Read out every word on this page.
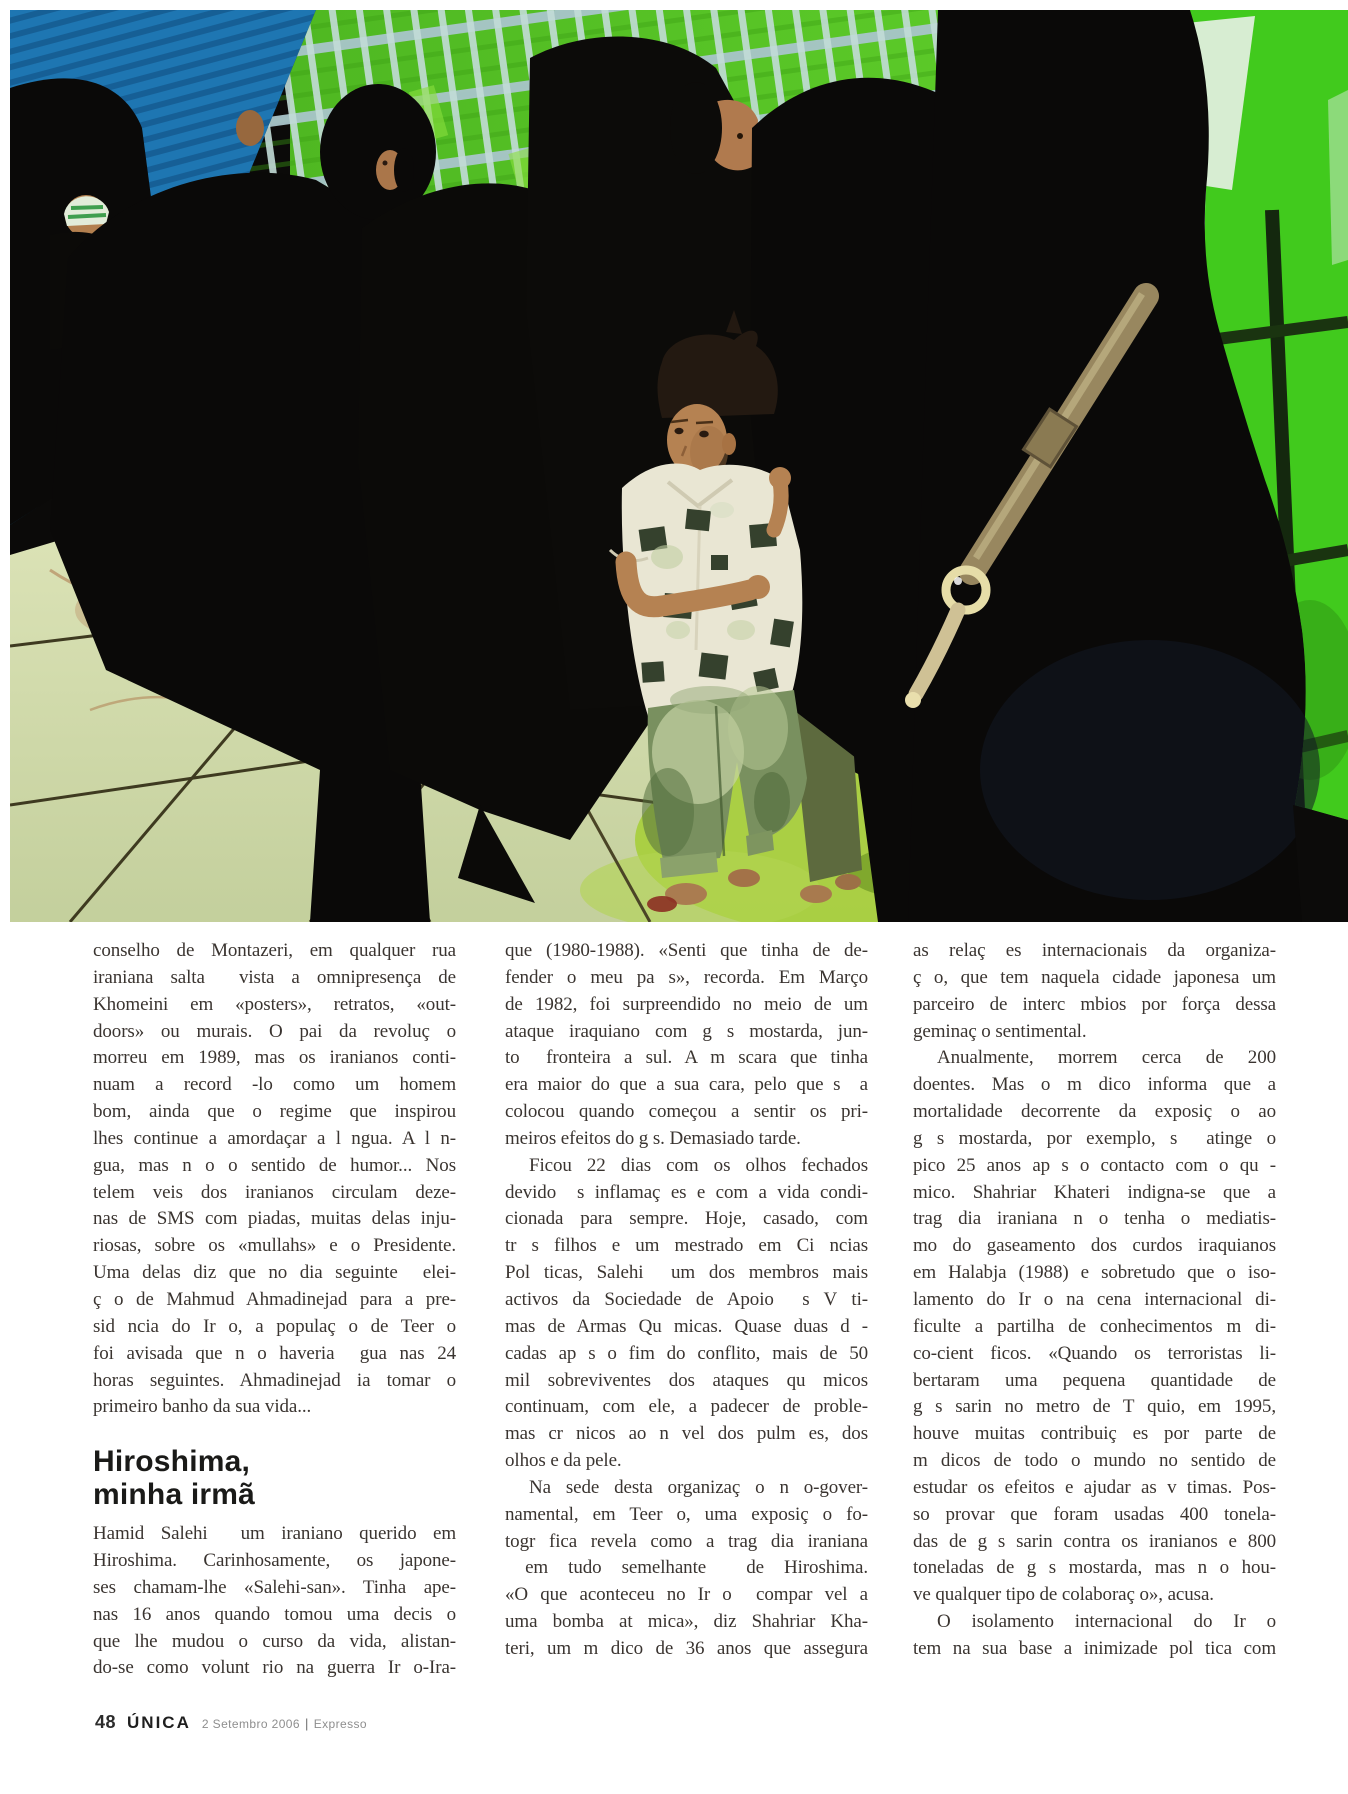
conselho de Montazeri, em qualquer rua

iraniana salta  vista a omnipresença de

Khomeini em «posters», retratos, «out-

doors» ou murais. O pai da revoluç o

morreu em 1989, mas os iranianos conti-

nuam a record -lo como um homem

bom, ainda que o regime que inspirou

lhes continue a amordaçar a l ngua. A l n-

gua, mas n o o sentido de humor... Nos

telem veis dos iranianos circulam deze-

nas de SMS com piadas, muitas delas inju-

riosas, sobre os «mullahs» e o Presidente.

Uma delas diz que no dia seguinte  elei-

ç o de Mahmud Ahmadinejad para a pre-

sid ncia do Ir o, a populaç o de Teer o

foi avisada que n o haveria  gua nas 24

horas seguintes. Ahmadinejad ia tomar o

primeiro banho da sua vida...

Hiroshima,
minha irmã

Hamid Salehi  um iraniano querido em

Hiroshima. Carinhosamente, os japone-

ses chamam-lhe «Salehi-san». Tinha ape-

nas 16 anos quando tomou uma decis o

que lhe mudou o curso da vida, alistan-

do-se como volunt rio na guerra Ir o-Ira-

que (1980-1988). «Senti que tinha de de-

fender o meu pa s», recorda. Em Março

de 1982, foi surpreendido no meio de um

ataque iraquiano com g s mostarda, jun-

to  fronteira a sul. A m scara que tinha

era maior do que a sua cara, pelo que s  a

colocou quando começou a sentir os pri-

meiros efeitos do g s. Demasiado tarde.

Ficou 22 dias com os olhos fechados

devido  s inflamaç es e com a vida condi-

cionada para sempre. Hoje, casado, com

tr s filhos e um mestrado em Ci ncias

Pol ticas, Salehi  um dos membros mais

activos da Sociedade de Apoio  s V ti-

mas de Armas Qu micas. Quase duas d -

cadas ap s o fim do conflito, mais de 50

mil sobreviventes dos ataques qu micos

continuam, com ele, a padecer de proble-

mas cr nicos ao n vel dos pulm es, dos

olhos e da pele.

Na sede desta organizaç o n o-gover-

namental, em Teer o, uma exposiç o fo-

togr fica revela como a trag dia iraniana

em tudo semelhante  de Hiroshima.

«O que aconteceu no Ir o  compar vel a

uma bomba at mica», diz Shahriar Kha-

teri, um m dico de 36 anos que assegura

as relaç es internacionais da organiza-

ç o, que tem naquela cidade japonesa um

parceiro de interc mbios por força dessa

geminaç o sentimental.

Anualmente, morrem cerca de 200

doentes. Mas o m dico informa que a

mortalidade decorrente da exposiç o ao

g s mostarda, por exemplo, s  atinge o

pico 25 anos ap s o contacto com o qu -

mico. Shahriar Khateri indigna-se que a

trag dia iraniana n o tenha o mediatis-

mo do gaseamento dos curdos iraquianos

em Halabja (1988) e sobretudo que o iso-

lamento do Ir o na cena internacional di-

ficulte a partilha de conhecimentos m di-

co-cient ficos. «Quando os terroristas li-

bertaram uma pequena quantidade de

g s sarin no metro de T quio, em 1995,

houve muitas contribuiç es por parte de

m dicos de todo o mundo no sentido de

estudar os efeitos e ajudar as v timas. Pos-

so provar que foram usadas 400 tonela-

das de g s sarin contra os iranianos e 800

toneladas de g s mostarda, mas n o hou-

ve qualquer tipo de colaboraç o», acusa.

O isolamento internacional do Ir o

tem na sua base a inimizade pol tica com

48 ÚNICA 2 Setembro 2006 | Expresso
